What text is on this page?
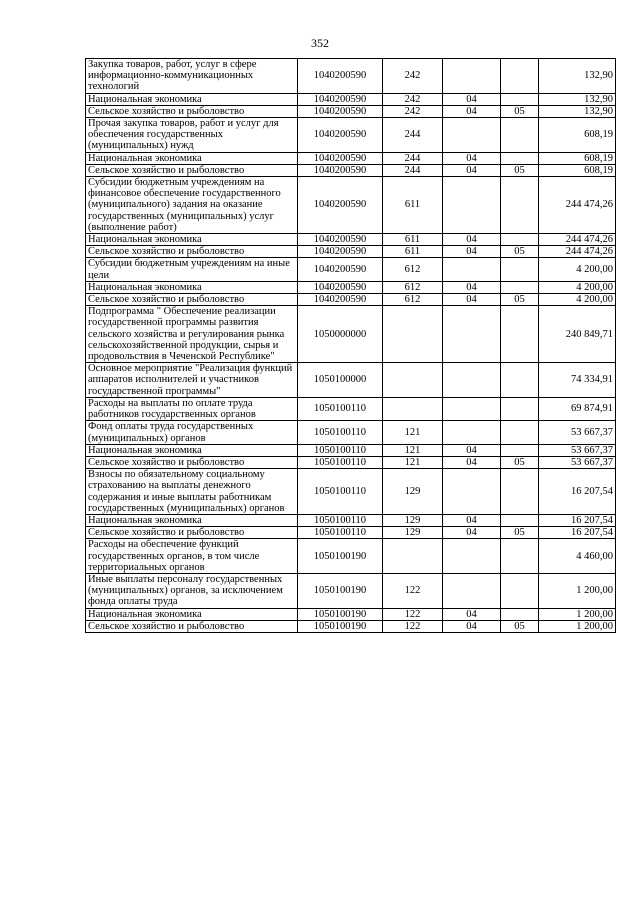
352
Закупка товаров, работ, услуг в сфере информационно-коммуникационных технологий	1040200590	242			132,90
Национальная экономика	1040200590	242	04		132,90
Сельское хозяйство и рыболовство	1040200590	242	04	05	132,90
Прочая закупка товаров, работ и услуг для обеспечения государственных (муниципальных) нужд	1040200590	244			608,19
Национальная экономика	1040200590	244	04		608,19
Сельское хозяйство и рыболовство	1040200590	244	04	05	608,19
Субсидии бюджетным учреждениям на финансовое обеспечение государственного (муниципального) задания на оказание государственных (муниципальных) услуг (выполнение работ)	1040200590	611			244 474,26
Национальная экономика	1040200590	611	04		244 474,26
Сельское хозяйство и рыболовство	1040200590	611	04	05	244 474,26
Субсидии бюджетным учреждениям на иные цели	1040200590	612			4 200,00
Национальная экономика	1040200590	612	04		4 200,00
Сельское хозяйство и рыболовство	1040200590	612	04	05	4 200,00
Подпрограмма " Обеспечение реализации государственной программы развития сельского хозяйства и регулирования рынка сельскохозяйственной продукции, сырья и продовольствия в Чеченской Республике"	1050000000				240 849,71
Основное мероприятие "Реализация функций аппаратов исполнителей и участников государственной программы"	1050100000				74 334,91
Расходы на выплаты по оплате труда работников государственных органов	1050100110				69 874,91
Фонд оплаты труда государственных (муниципальных) органов	1050100110	121			53 667,37
Национальная экономика	1050100110	121	04		53 667,37
Сельское хозяйство и рыболовство	1050100110	121	04	05	53 667,37
Взносы по обязательному социальному страхованию на выплаты денежного содержания и иные выплаты работникам государственных (муниципальных) органов	1050100110	129			16 207,54
Национальная экономика	1050100110	129	04		16 207,54
Сельское хозяйство и рыболовство	1050100110	129	04	05	16 207,54
Расходы на обеспечение функций государственных органов, в том числе территориальных органов	1050100190				4 460,00
Иные выплаты персоналу государственных (муниципальных) органов, за исключением фонда оплаты труда	1050100190	122			1 200,00
Национальная экономика	1050100190	122	04		1 200,00
Сельское хозяйство и рыболовство	1050100190	122	04	05	1 200,00
